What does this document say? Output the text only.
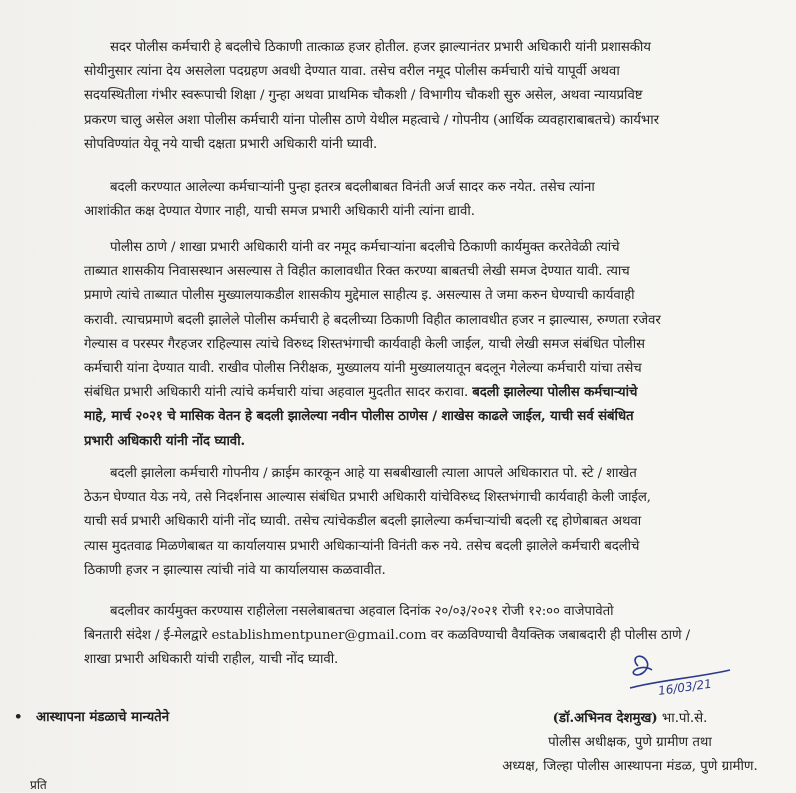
सदर पोलीस कर्मचारी हे बदलीचे ठिकाणी तात्काळ हजर होतील. हजर झाल्यानंतर प्रभारी अधिकारी यांनी प्रशासकीय
सोयीनुसार त्यांना देय असलेला पदग्रहण अवधी देण्यात यावा. तसेच वरील नमूद पोलीस कर्मचारी यांचे यापूर्वी अथवा
सदयस्थितीला गंभीर स्वरूपाची शिक्षा / गुन्हा अथवा प्राथमिक चौकशी / विभागीय चौकशी सुरु असेल, अथवा न्यायप्रविष्ट
प्रकरण चालु असेल अशा पोलीस कर्मचारी यांना पोलीस ठाणे येथील महत्वाचे / गोपनीय (आर्थिक व्यवहाराबाबतचे) कार्यभार
सोपविण्यांत येवू नये याची दक्षता प्रभारी अधिकारी यांनी घ्यावी.
बदली करण्यात आलेल्या कर्मचाऱ्यांनी पुन्हा इतरत्र बदलीबाबत विनंती अर्ज सादर करु नयेत. तसेच त्यांना
आशांकीत कक्ष देण्यात येणार नाही, याची समज प्रभारी अधिकारी यांनी त्यांना द्यावी.
पोलीस ठाणे / शाखा प्रभारी अधिकारी यांनी वर नमूद कर्मचाऱ्यांना बदलीचे ठिकाणी कार्यमुक्त करतेवेळी त्यांचे
ताब्यात शासकीय निवासस्थान असल्यास ते विहीत कालावधीत रिक्त करण्या बाबतची लेखी समज देण्यात यावी. त्याच
प्रमाणे त्यांचे ताब्यात पोलीस मुख्यालयाकडील शासकीय मुद्देमाल साहीत्य इ. असल्यास ते जमा करुन घेण्याची कार्यवाही
करावी. त्याचप्रमाणे बदली झालेले पोलीस कर्मचारी हे बदलीच्या ठिकाणी विहीत कालावधीत हजर न झाल्यास, रुग्णता रजेवर
गेल्यास व परस्पर गैरहजर राहिल्यास त्यांचे विरुध्द शिस्तभंगाची कार्यवाही केली जाईल, याची लेखी समज संबंधित पोलीस
कर्मचारी यांना देण्यात यावी. राखीव पोलीस निरीक्षक, मुख्यालय यांनी मुख्यालयातून बदलून गेलेल्या कर्मचारी यांचा तसेच
संबंधित प्रभारी अधिकारी यांनी त्यांचे कर्मचारी यांचा अहवाल मुदतीत सादर करावा. बदली झालेल्या पोलीस कर्मचाऱ्यांचे
माहे, मार्च २०२१ चे मासिक वेतन हे बदली झालेल्या नवीन पोलीस ठाणेस / शाखेस काढले जाईल, याची सर्व संबंधित
प्रभारी अधिकारी यांनी नोंद घ्यावी.
बदली झालेला कर्मचारी गोपनीय / क्राईम कारकून आहे या सबबीखाली त्याला आपले अधिकारात पो. स्टे / शाखेत
ठेऊन घेण्यात येऊ नये, तसे निदर्शनास आल्यास संबंधित प्रभारी अधिकारी यांचेविरुध्द शिस्तभंगाची कार्यवाही केली जाईल,
याची सर्व प्रभारी अधिकारी यांनी नोंद घ्यावी. तसेच त्यांचेकडील बदली झालेल्या कर्मचाऱ्यांची बदली रद्द होणेबाबत अथवा
त्यास मुदतवाढ मिळणेबाबत या कार्यालयास प्रभारी अधिकाऱ्यांनी विनंती करु नये. तसेच बदली झालेले कर्मचारी बदलीचे
ठिकाणी हजर न झाल्यास त्यांची नांवे या कार्यालयास कळवावीत.
बदलीवर कार्यमुक्त करण्यास राहीलेला नसलेबाबतचा अहवाल दिनांक २०/०३/२०२१ रोजी १२:०० वाजेपावेतो
बिनतारी संदेश / ई-मेलद्वारे establishmentpuner@gmail.com वर कळविण्याची वैयक्तिक जबाबदारी ही पोलीस ठाणे /
शाखा प्रभारी अधिकारी यांची राहील, याची नोंद घ्यावी.
16/03/21
• आस्थापना मंडळाचे मान्यतेने	(डॉ.अभिनव देशमुख) भा.पो.से.
पोलीस अधीक्षक, पुणे ग्रामीण तथा
अध्यक्ष, जिल्हा पोलीस आस्थापना मंडळ, पुणे ग्रामीण.
प्रति
